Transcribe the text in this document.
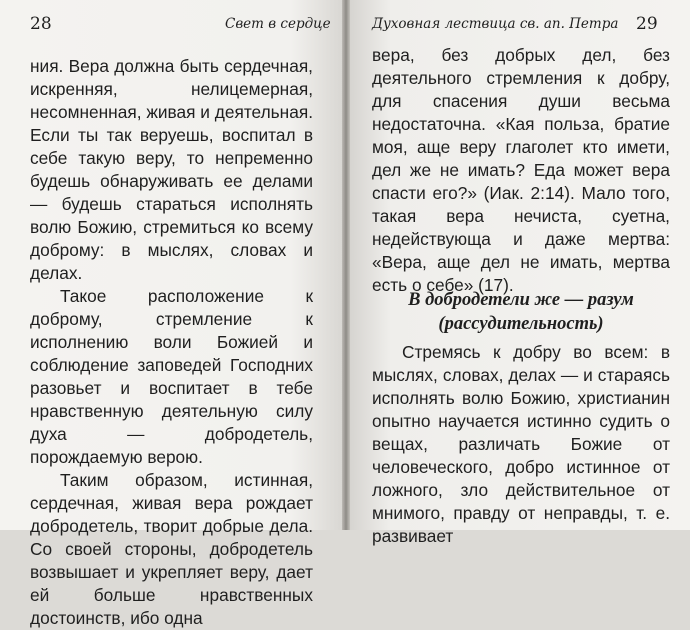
28	Свет в сердце

ния. Вера должна быть сердечная, искренняя, нелицемерная, несомненная, живая и деятельная. Если ты так веруешь, воспитал в себе такую веру, то непременно будешь обнаруживать ее делами — будешь стараться исполнять волю Божию, стремиться ко всему доброму: в мыслях, словах и делах.

Такое расположение к доброму, стремление к исполнению воли Божией и соблюдение заповедей Господних разовьет и воспитает в тебе нравственную деятельную силу духа — добродетель, порождаемую верою.

Таким образом, истинная, сердечная, живая вера рождает добродетель, творит добрые дела. Со своей стороны, добродетель возвышает и укрепляет веру, дает ей больше нравственных достоинств, ибо одна

Духовная лествица св. ап. Петра 29

вера, без добрых дел, без деятельного стремления к добру, для спасения души весьма недостаточна. «Кая польза, братие моя, аще веру глаголет кто имети, дел же не имать? Еда может вера спасти его?» (Иак. 2:14). Мало того, такая вера нечиста, суетна, недействующа и даже мертва: «Вера, аще дел не имать, мертва есть о себе» (17).

В добродетели же — разум (рассудительность)

Стремясь к добру во всем: в мыслях, словах, делах — и стараясь исполнять волю Божию, христианин опытно научается истинно судить о вещах, различать Божие от человеческого, добро истинное от ложного, зло действительное от мнимого, правду от неправды, т. е. развивает
